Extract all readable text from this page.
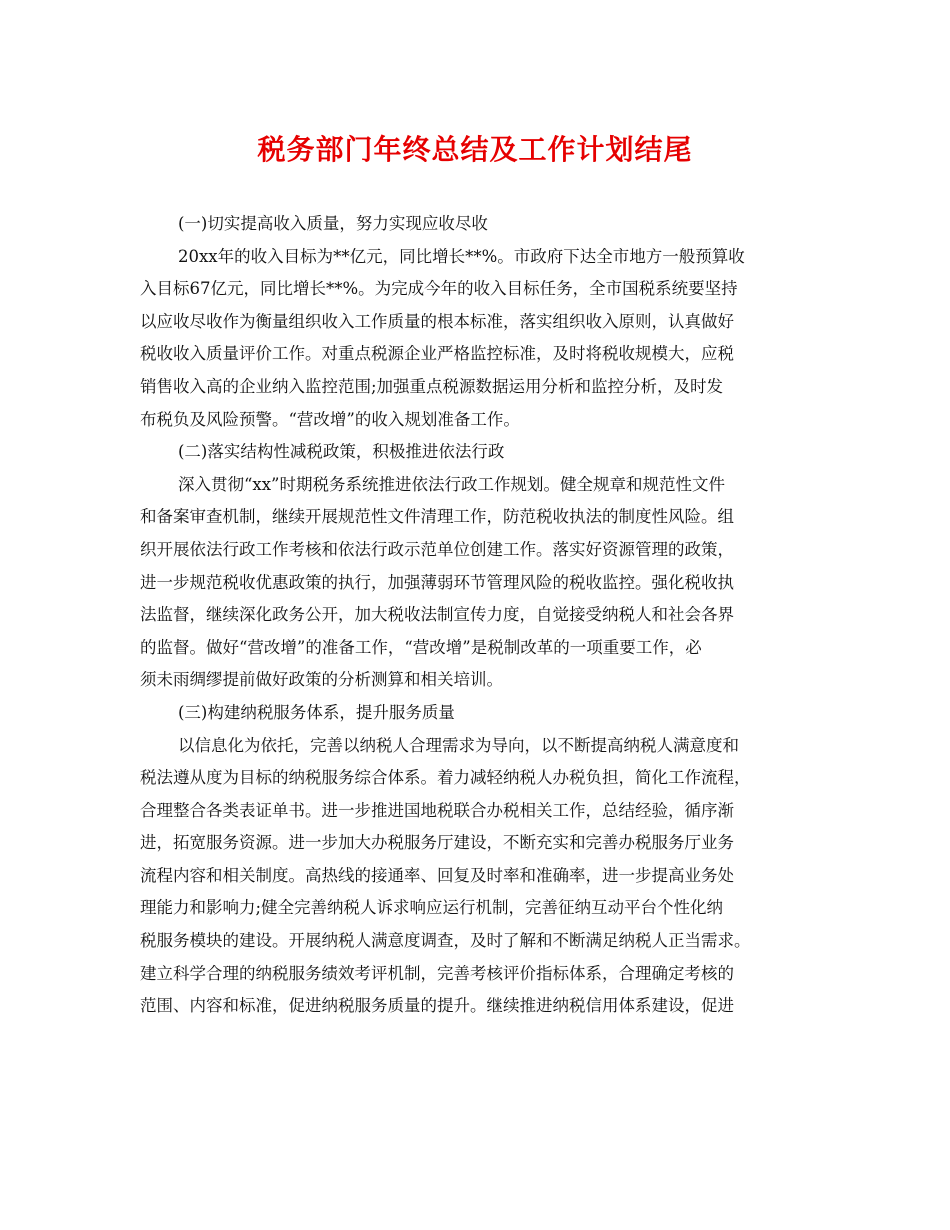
税务部门年终总结及工作计划结尾
(一)切实提高收入质量，努力实现应收尽收
20xx年的收入目标为**亿元，同比增长**%。市政府下达全市地方一般预算收
入目标67亿元，同比增长**%。为完成今年的收入目标任务，全市国税系统要坚持
以应收尽收作为衡量组织收入工作质量的根本标准，落实组织收入原则，认真做好
税收收入质量评价工作。对重点税源企业严格监控标准，及时将税收规模大，应税
销售收入高的企业纳入监控范围;加强重点税源数据运用分析和监控分析，及时发
布税负及风险预警。“营改增”的收入规划准备工作。
(二)落实结构性减税政策，积极推进依法行政
深入贯彻“xx”时期税务系统推进依法行政工作规划。健全规章和规范性文件
和备案审查机制，继续开展规范性文件清理工作，防范税收执法的制度性风险。组
织开展依法行政工作考核和依法行政示范单位创建工作。落实好资源管理的政策，
进一步规范税收优惠政策的执行，加强薄弱环节管理风险的税收监控。强化税收执
法监督，继续深化政务公开，加大税收法制宣传力度，自觉接受纳税人和社会各界
的监督。做好“营改增”的准备工作，“营改增”是税制改革的一项重要工作，必
须未雨绸缪提前做好政策的分析测算和相关培训。
(三)构建纳税服务体系，提升服务质量
以信息化为依托，完善以纳税人合理需求为导向，以不断提高纳税人满意度和
税法遵从度为目标的纳税服务综合体系。着力减轻纳税人办税负担，简化工作流程，
合理整合各类表证单书。进一步推进国地税联合办税相关工作，总结经验，循序渐
进，拓宽服务资源。进一步加大办税服务厅建设，不断充实和完善办税服务厅业务
流程内容和相关制度。高热线的接通率、回复及时率和准确率，进一步提高业务处
理能力和影响力;健全完善纳税人诉求响应运行机制，完善征纳互动平台个性化纳
税服务模块的建设。开展纳税人满意度调查，及时了解和不断满足纳税人正当需求。
建立科学合理的纳税服务绩效考评机制，完善考核评价指标体系，合理确定考核的
范围、内容和标准，促进纳税服务质量的提升。继续推进纳税信用体系建设，促进
